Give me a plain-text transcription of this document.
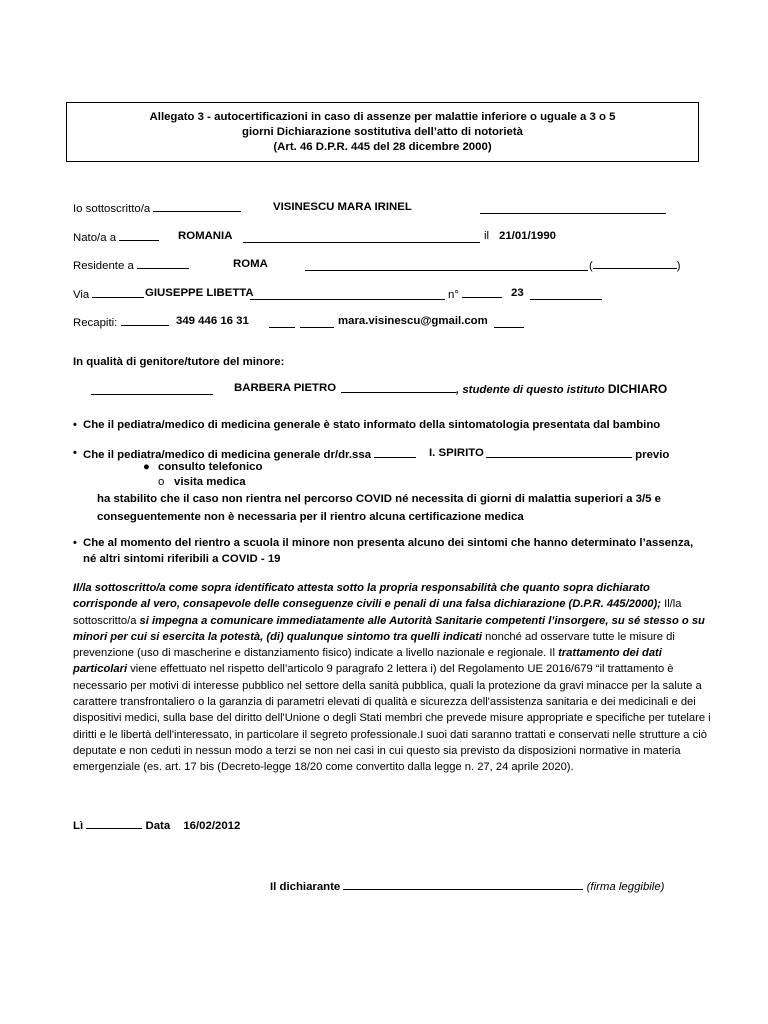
Allegato 3 - autocertificazioni in caso di assenze per malattie inferiore o uguale a 3 o 5
giorni Dichiarazione sostitutiva dell’atto di notorietà
(Art. 46 D.P.R. 445 del 28 dicembre 2000)
Io sottoscritto/a	VISINESCU MARA IRINEL
Nato/a a	ROMANIA	il 21/01/1990
Residente a	ROMA	(	)
Via	GIUSEPPE LIBETTA	n°	23
Recapiti:	349 446 16 31	mara.visinescu@gmail.com
In qualità di genitore/tutore del minore:
BARBERA PIETRO	, studente di questo istituto DICHIARO
• Che il pediatra/medico di medicina generale è stato informato della sintomatologia presentata dal bambino
• Che il pediatra/medico di medicina generale dr/dr.ssa	I. SPIRITO	previo
● consulto telefonico
o visita medica
ha stabilito che il caso non rientra nel percorso COVID né necessita di giorni di malattia superiori a 3/5 e
conseguentemente non è necessaria per il rientro alcuna certificazione medica
• Che al momento del rientro a scuola il minore non presenta alcuno dei sintomi che hanno determinato l’assenza,
né altri sintomi riferibili a COVID - 19

Il/la sottoscritto/a come sopra identificato attesta sotto la propria responsabilità che quanto sopra dichiarato corrisponde al vero, consapevole delle conseguenze civili e penali di una falsa dichiarazione (D.P.R. 445/2000); Il/la sottoscritto/a si impegna a comunicare immediatamente alle Autorità Sanitarie competenti l’insorgere, su sé stesso o su minori per cui si esercita la potestà, (di) qualunque sintomo tra quelli indicati nonché ad osservare tutte le misure di prevenzione (uso di mascherine e distanziamento fisico) indicate a livello nazionale e regionale. Il trattamento dei dati particolari viene effettuato nel rispetto dell’articolo 9 paragrafo 2 lettera i) del Regolamento UE 2016/679 “il trattamento è necessario per motivi di interesse pubblico nel settore della sanità pubblica, quali la protezione da gravi minacce per la salute a carattere transfrontaliero o la garanzia di parametri elevati di qualità e sicurezza dell'assistenza sanitaria e dei medicinali e dei dispositivi medici, sulla base del diritto dell'Unione o degli Stati membri che prevede misure appropriate e specifiche per tutelare i diritti e le libertà dell'interessato, in particolare il segreto professionale.I suoi dati saranno trattati e conservati nelle strutture a ciò deputate e non ceduti in nessun modo a terzi se non nei casi in cui questo sia previsto da disposizioni normative in materia emergenziale (es. art. 17 bis (Decreto-legge 18/20 come convertito dalla legge n. 27, 24 aprile 2020).

Lì	Data 16/02/2012
Il dichiarante	(firma leggibile)
